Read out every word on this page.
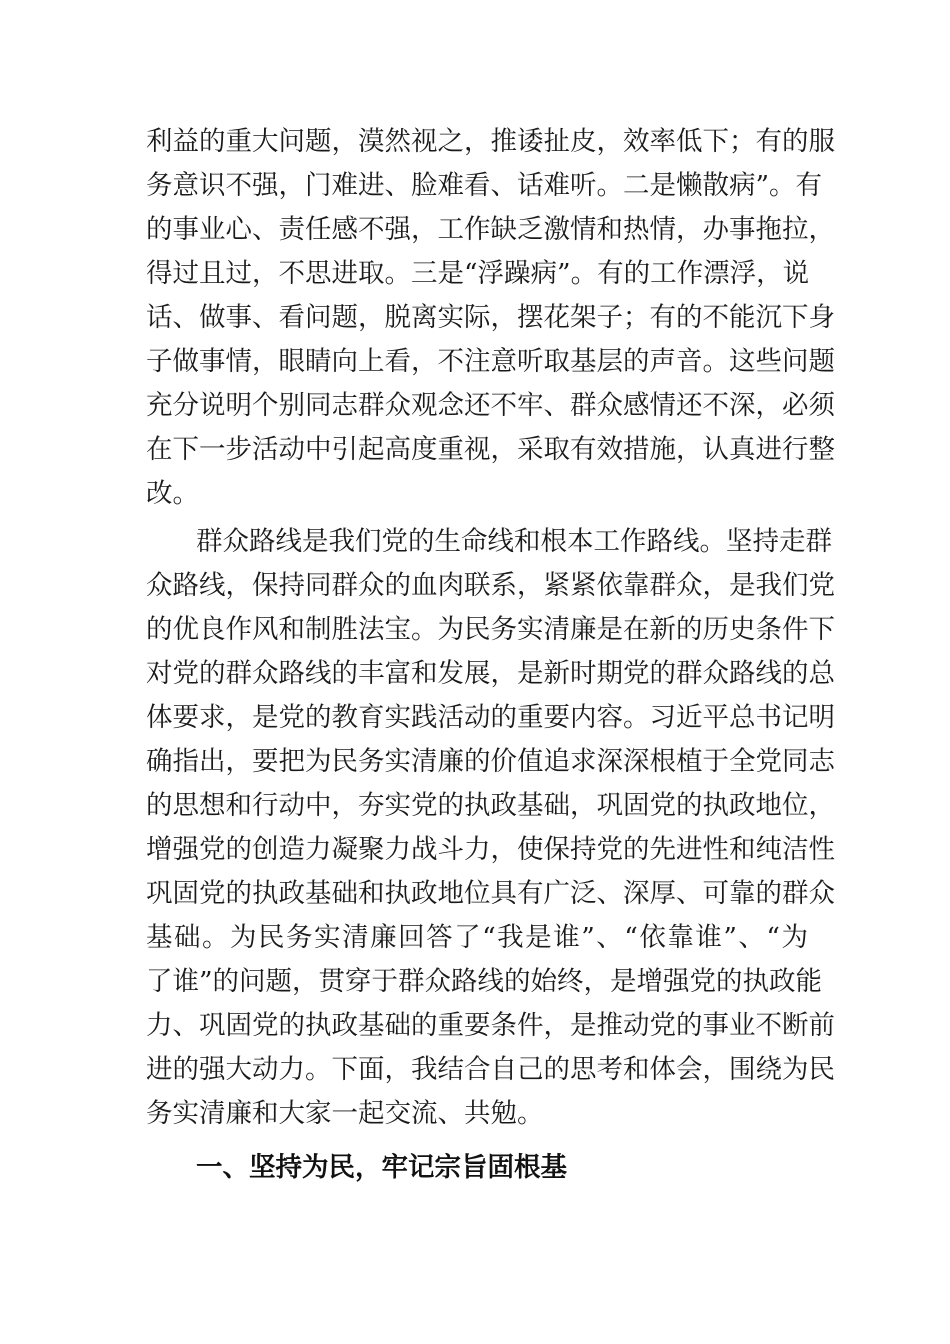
利益的重大问题，漠然视之，推诿扯皮，效率低下；有的服
务意识不强，门难进、脸难看、话难听。二是懒散病”。有
的事业心、责任感不强，工作缺乏激情和热情，办事拖拉，
得过且过，不思进取。三是“浮躁病”。有的工作漂浮，说
话、做事、看问题，脱离实际，摆花架子；有的不能沉下身
子做事情，眼睛向上看，不注意听取基层的声音。这些问题
充分说明个别同志群众观念还不牢、群众感情还不深，必须
在下一步活动中引起高度重视，采取有效措施，认真进行整
改。
群众路线是我们党的生命线和根本工作路线。坚持走群
众路线，保持同群众的血肉联系，紧紧依靠群众，是我们党
的优良作风和制胜法宝。为民务实清廉是在新的历史条件下
对党的群众路线的丰富和发展，是新时期党的群众路线的总
体要求，是党的教育实践活动的重要内容。习近平总书记明
确指出，要把为民务实清廉的价值追求深深根植于全党同志
的思想和行动中，夯实党的执政基础，巩固党的执政地位，
增强党的创造力凝聚力战斗力，使保持党的先进性和纯洁性
巩固党的执政基础和执政地位具有广泛、深厚、可靠的群众
基础。为民务实清廉回答了“我是谁”、“依靠谁”、“为
了谁”的问题，贯穿于群众路线的始终，是增强党的执政能
力、巩固党的执政基础的重要条件，是推动党的事业不断前
进的强大动力。下面，我结合自己的思考和体会，围绕为民
务实清廉和大家一起交流、共勉。
一、坚持为民，牢记宗旨固根基
